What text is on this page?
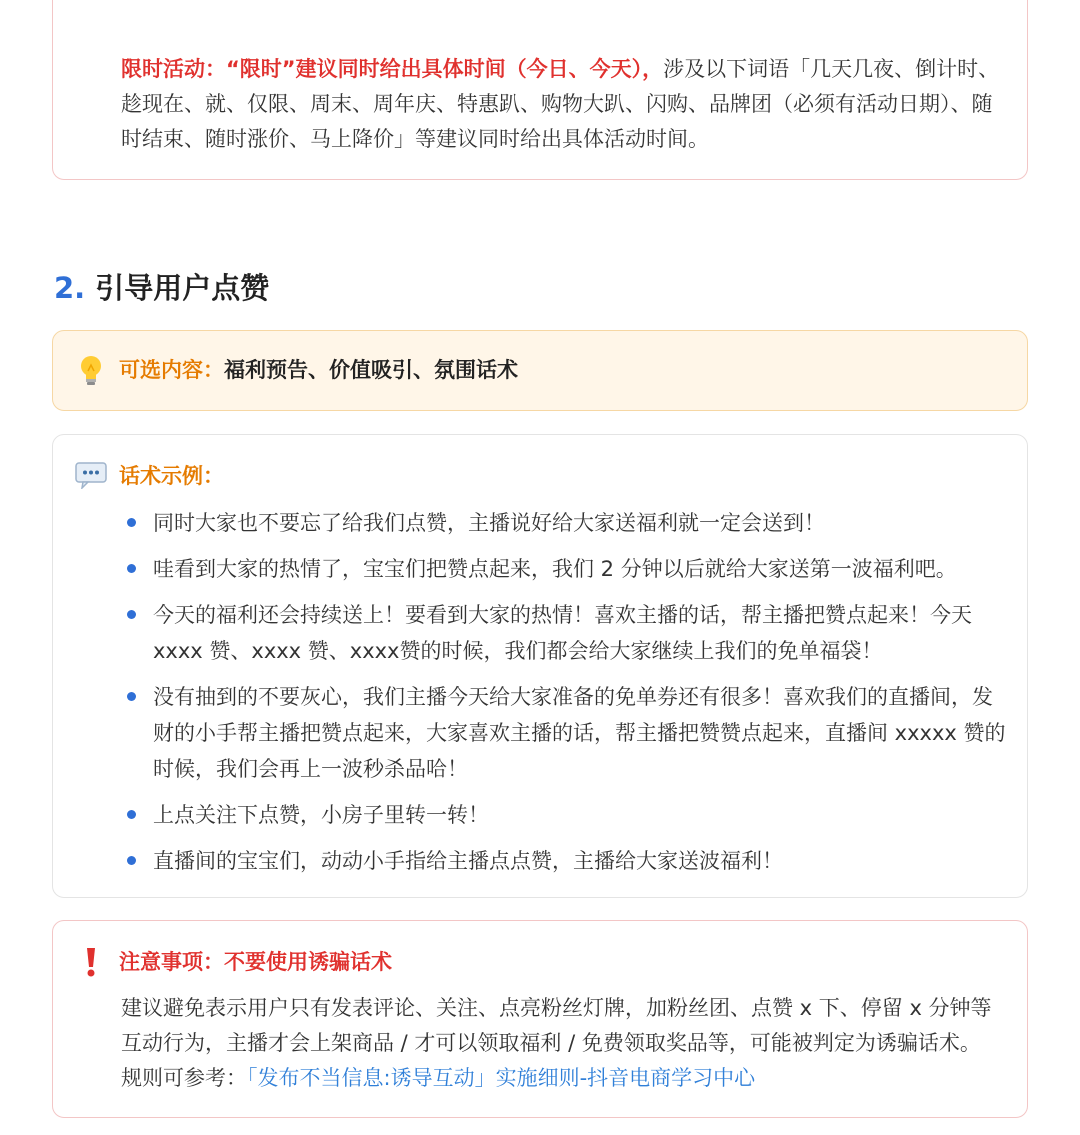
限时活动：“限时”建议同时给出具体时间（今日、今天），涉及以下词语「几天几夜、倒计时、趁现在、就、仅限、周末、周年庆、特惠趴、购物大趴、闪购、品牌团（必须有活动日期）、随时结束、随时涨价、马上降价」等建议同时给出具体活动时间。

2. 引导用户点赞
可选内容： 福利预告、价值吸引、氛围话术
话术示例：
同时大家也不要忘了给我们点赞，主播说好给大家送福利就一定会送到！
哇看到大家的热情了，宝宝们把赞点起来，我们 2 分钟以后就给大家送第一波福利吧。
今天的福利还会持续送上！要看到大家的热情！喜欢主播的话，帮主播把赞点起来！今天 xxxx 赞、xxxx 赞、xxxx赞的时候，我们都会给大家继续上我们的免单福袋！
没有抽到的不要灰心，我们主播今天给大家准备的免单券还有很多！喜欢我们的直播间，发财的小手帮主播把赞点起来，大家喜欢主播的话，帮主播把赞赞点起来，直播间 xxxxx 赞的时候，我们会再上一波秒杀品哈！
上点关注下点赞，小房子里转一转！
直播间的宝宝们，动动小手指给主播点点赞，主播给大家送波福利！
注意事项：不要使用诱骗话术

建议避免表示用户只有发表评论、关注、点亮粉丝灯牌，加粉丝团、点赞 x 下、停留 x 分钟等互动行为，主播才会上架商品 / 才可以领取福利 / 免费领取奖品等，可能被判定为诱骗话术。规则可参考：「发布不当信息:诱导互动」实施细则-抖音电商学习中心
